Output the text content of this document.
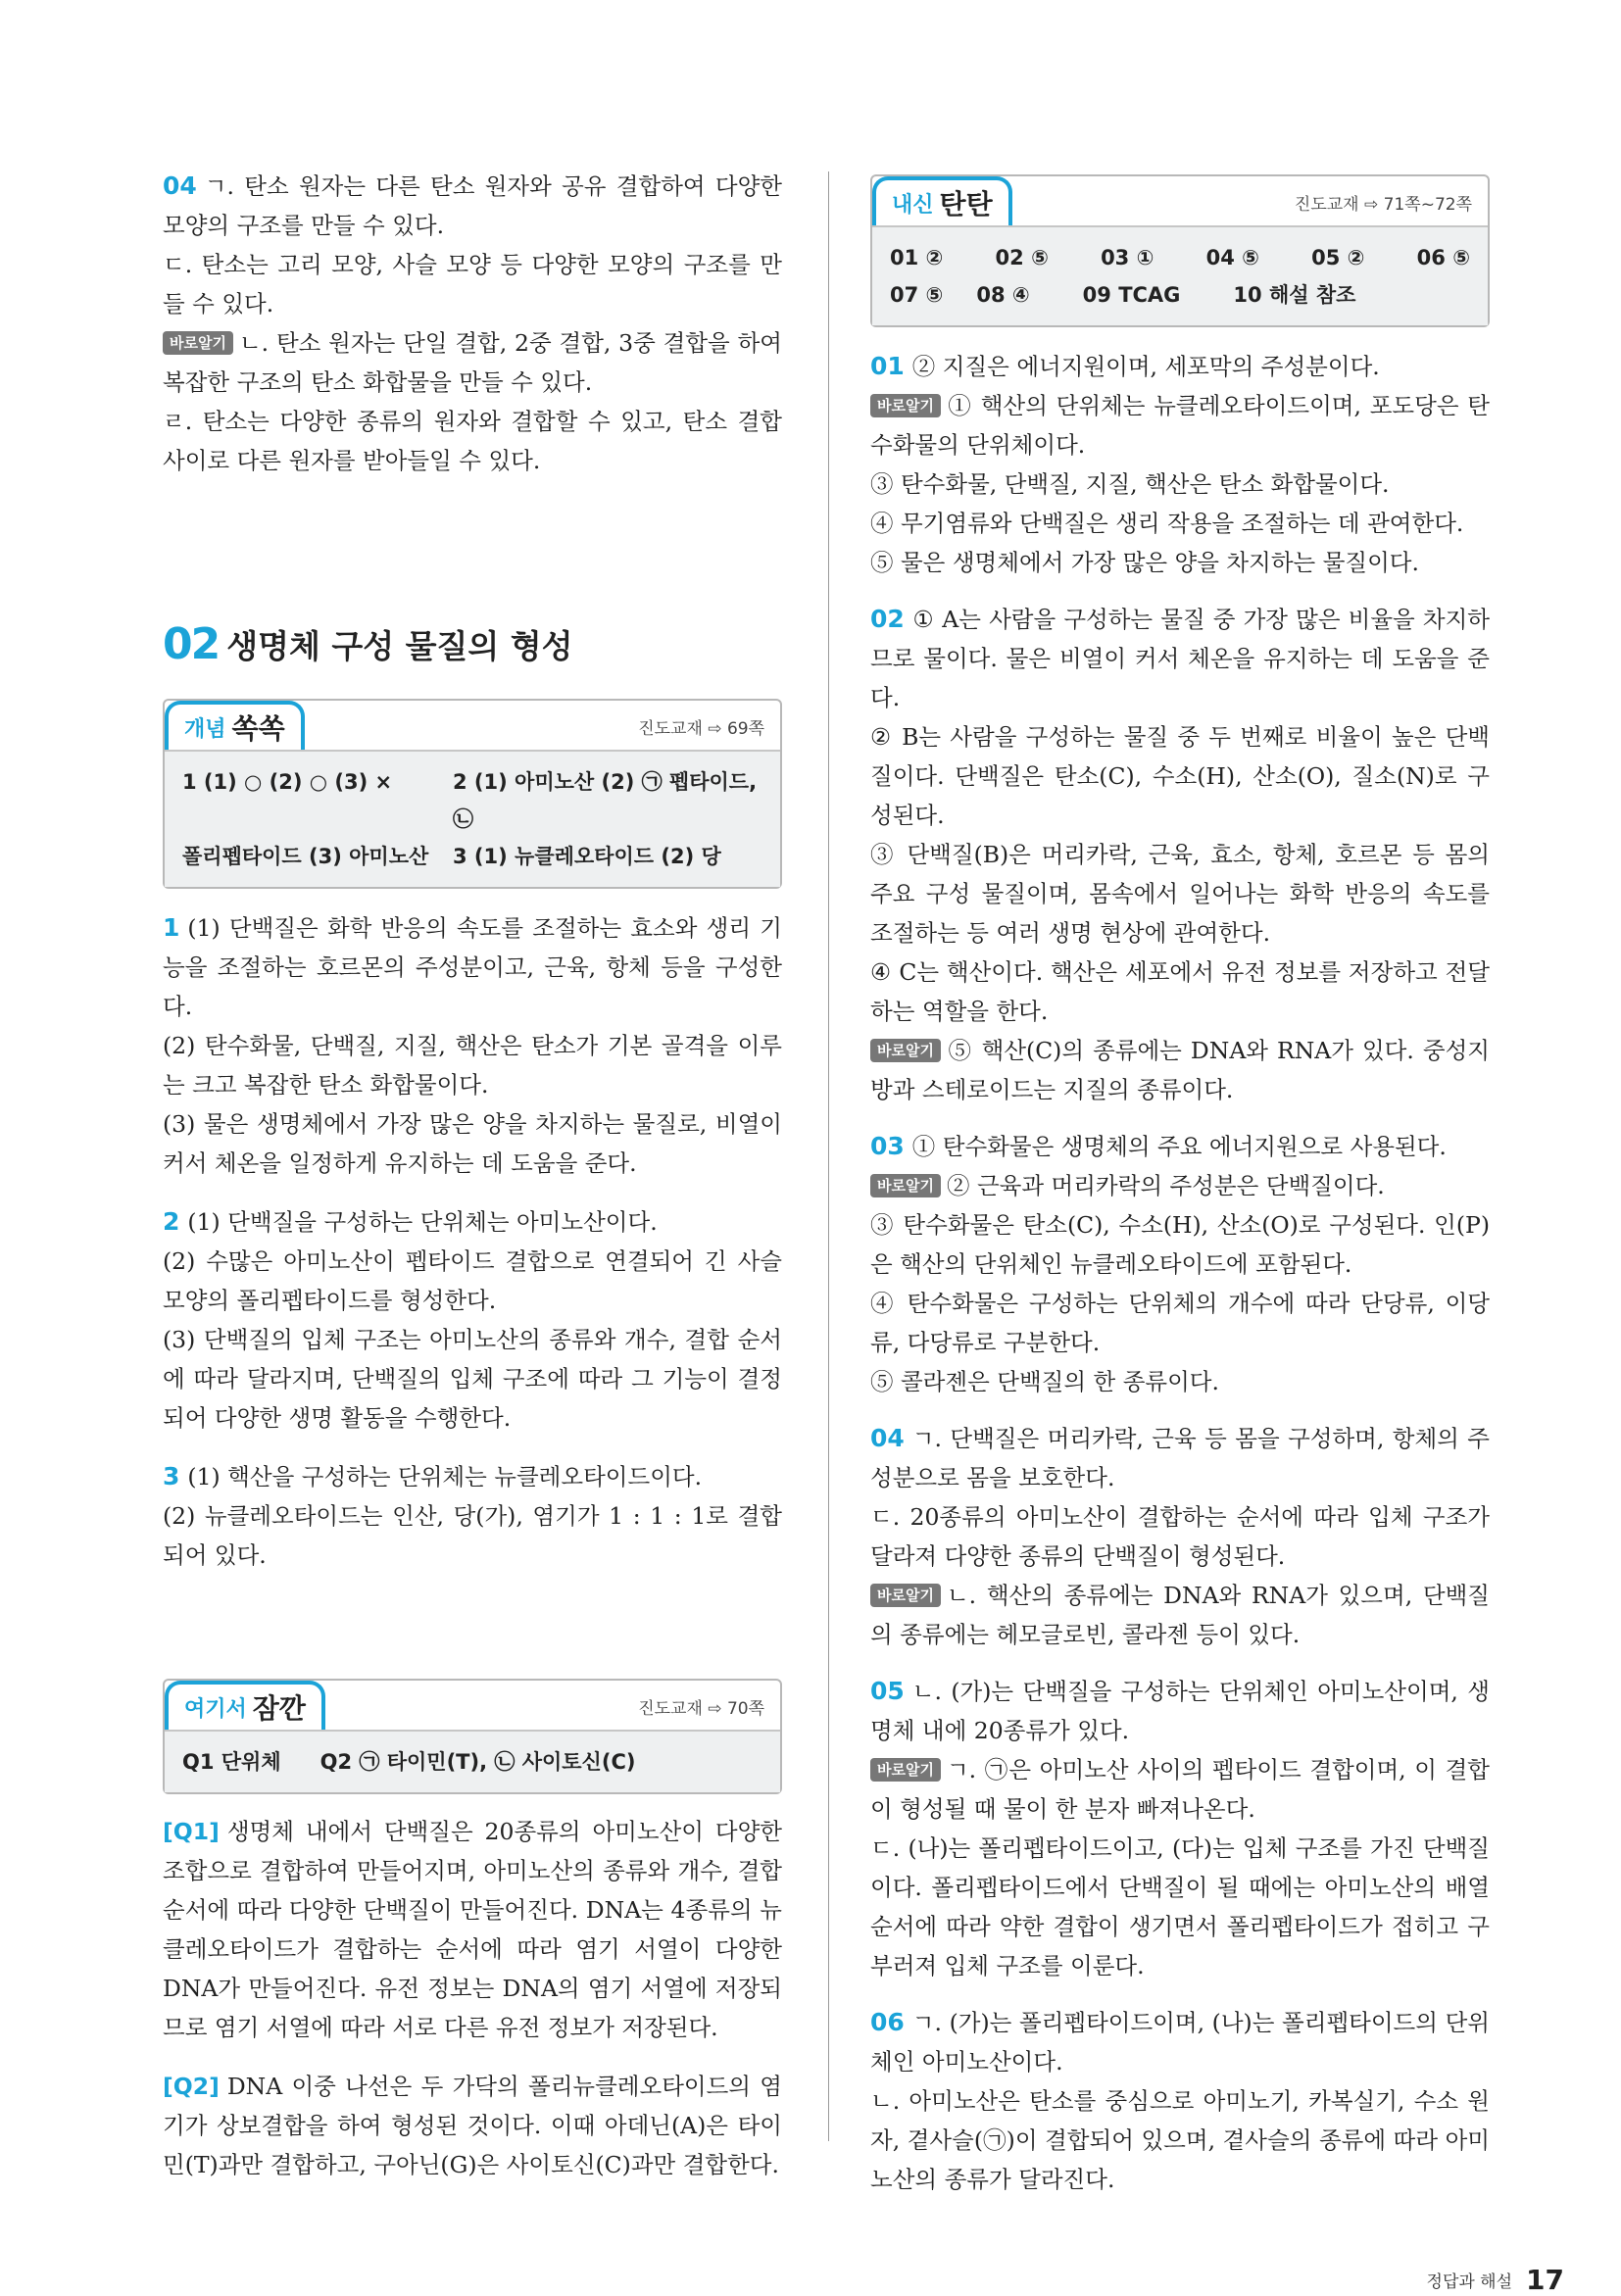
04 ㄱ. 탄소 원자는 다른 탄소 원자와 공유 결합하여 다양한 모양의 구조를 만들 수 있다.

ㄷ. 탄소는 고리 모양, 사슬 모양 등 다양한 모양의 구조를 만들 수 있다.

바로알기 ㄴ. 탄소 원자는 단일 결합, 2중 결합, 3중 결합을 하여 복잡한 구조의 탄소 화합물을 만들 수 있다.

ㄹ. 탄소는 다양한 종류의 원자와 결합할 수 있고, 탄소 결합 사이로 다른 원자를 받아들일 수 있다.

02 생명체 구성 물질의 형성
개념 쏙쏙	진도교재 ⇨ 69쪽
1 (1) ○ (2) ○ (3) ×	2 (1) 아미노산 (2) ㉠ 펩타이드, ㉡
폴리펩타이드 (3) 아미노산 3 (1) 뉴클레오타이드 (2) 당

1 (1) 단백질은 화학 반응의 속도를 조절하는 효소와 생리 기능을 조절하는 호르몬의 주성분이고, 근육, 항체 등을 구성한다.

(2) 탄수화물, 단백질, 지질, 핵산은 탄소가 기본 골격을 이루는 크고 복잡한 탄소 화합물이다.

(3) 물은 생명체에서 가장 많은 양을 차지하는 물질로, 비열이 커서 체온을 일정하게 유지하는 데 도움을 준다.

2 (1) 단백질을 구성하는 단위체는 아미노산이다.

(2) 수많은 아미노산이 펩타이드 결합으로 연결되어 긴 사슬 모양의 폴리펩타이드를 형성한다.

(3) 단백질의 입체 구조는 아미노산의 종류와 개수, 결합 순서에 따라 달라지며, 단백질의 입체 구조에 따라 그 기능이 결정되어 다양한 생명 활동을 수행한다.

3 (1) 핵산을 구성하는 단위체는 뉴클레오타이드이다.

(2) 뉴클레오타이드는 인산, 당(가), 염기가 1 : 1 : 1로 결합되어 있다.

여기서 잠깐	진도교재 ⇨ 70쪽
Q1 단위체 Q2 ㉠ 타이민(T), ㉡ 사이토신(C)

[Q1] 생명체 내에서 단백질은 20종류의 아미노산이 다양한 조합으로 결합하여 만들어지며, 아미노산의 종류와 개수, 결합 순서에 따라 다양한 단백질이 만들어진다. DNA는 4종류의 뉴클레오타이드가 결합하는 순서에 따라 염기 서열이 다양한 DNA가 만들어진다. 유전 정보는 DNA의 염기 서열에 저장되므로 염기 서열에 따라 서로 다른 유전 정보가 저장된다.

[Q2] DNA 이중 나선은 두 가닥의 폴리뉴클레오타이드의 염기가 상보결합을 하여 형성된 것이다. 이때 아데닌(A)은 타이민(T)과만 결합하고, 구아닌(G)은 사이토신(C)과만 결합한다.

내신 탄탄	진도교재 ⇨ 71쪽~72쪽
01 ②	02 ⑤	03 ①	04 ⑤	05 ②	06 ⑤
07 ⑤ 08 ④	09 TCAG	10 해설 참조

01 ② 지질은 에너지원이며, 세포막의 주성분이다.

바로알기 ① 핵산의 단위체는 뉴클레오타이드이며, 포도당은 탄수화물의 단위체이다.

③ 탄수화물, 단백질, 지질, 핵산은 탄소 화합물이다.

④ 무기염류와 단백질은 생리 작용을 조절하는 데 관여한다.

⑤ 물은 생명체에서 가장 많은 양을 차지하는 물질이다.

02 ① A는 사람을 구성하는 물질 중 가장 많은 비율을 차지하므로 물이다. 물은 비열이 커서 체온을 유지하는 데 도움을 준다.

② B는 사람을 구성하는 물질 중 두 번째로 비율이 높은 단백질이다. 단백질은 탄소(C), 수소(H), 산소(O), 질소(N)로 구성된다.

③ 단백질(B)은 머리카락, 근육, 효소, 항체, 호르몬 등 몸의 주요 구성 물질이며, 몸속에서 일어나는 화학 반응의 속도를 조절하는 등 여러 생명 현상에 관여한다.

④ C는 핵산이다. 핵산은 세포에서 유전 정보를 저장하고 전달하는 역할을 한다.

바로알기 ⑤ 핵산(C)의 종류에는 DNA와 RNA가 있다. 중성지방과 스테로이드는 지질의 종류이다.

03 ① 탄수화물은 생명체의 주요 에너지원으로 사용된다.

바로알기 ② 근육과 머리카락의 주성분은 단백질이다.

③ 탄수화물은 탄소(C), 수소(H), 산소(O)로 구성된다. 인(P)은 핵산의 단위체인 뉴클레오타이드에 포함된다.

④ 탄수화물은 구성하는 단위체의 개수에 따라 단당류, 이당류, 다당류로 구분한다.

⑤ 콜라젠은 단백질의 한 종류이다.

04 ㄱ. 단백질은 머리카락, 근육 등 몸을 구성하며, 항체의 주성분으로 몸을 보호한다.

ㄷ. 20종류의 아미노산이 결합하는 순서에 따라 입체 구조가 달라져 다양한 종류의 단백질이 형성된다.

바로알기 ㄴ. 핵산의 종류에는 DNA와 RNA가 있으며, 단백질의 종류에는 헤모글로빈, 콜라젠 등이 있다.

05 ㄴ. (가)는 단백질을 구성하는 단위체인 아미노산이며, 생명체 내에 20종류가 있다.

바로알기 ㄱ. ㉠은 아미노산 사이의 펩타이드 결합이며, 이 결합이 형성될 때 물이 한 분자 빠져나온다.

ㄷ. (나)는 폴리펩타이드이고, (다)는 입체 구조를 가진 단백질이다. 폴리펩타이드에서 단백질이 될 때에는 아미노산의 배열 순서에 따라 약한 결합이 생기면서 폴리펩타이드가 접히고 구부러져 입체 구조를 이룬다.

06 ㄱ. (가)는 폴리펩타이드이며, (나)는 폴리펩타이드의 단위체인 아미노산이다.

ㄴ. 아미노산은 탄소를 중심으로 아미노기, 카복실기, 수소 원자, 곁사슬(㉠)이 결합되어 있으며, 곁사슬의 종류에 따라 아미노산의 종류가 달라진다.

정답과 해설 17
